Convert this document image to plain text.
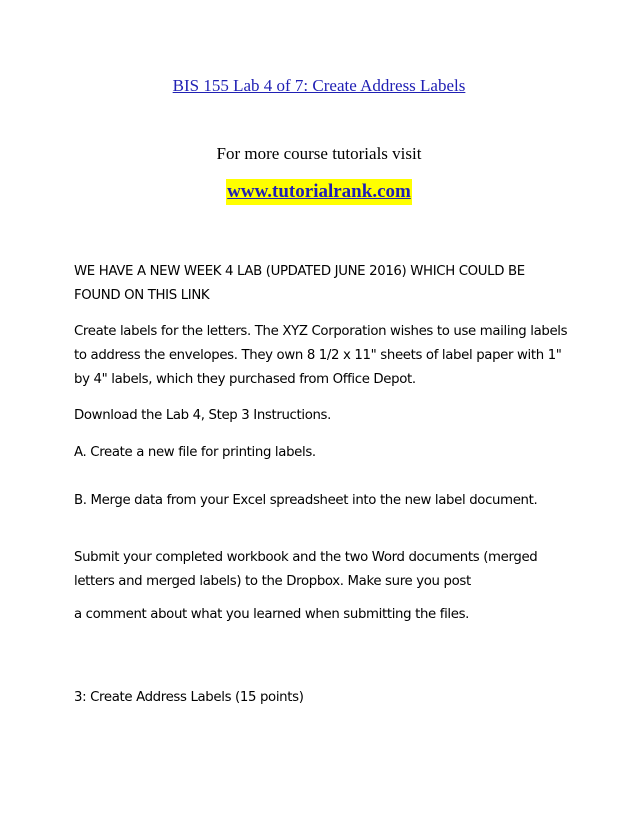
BIS 155 Lab 4 of 7: Create Address Labels
For more course tutorials visit
www.tutorialrank.com
WE HAVE A NEW WEEK 4 LAB (UPDATED JUNE 2016) WHICH COULD BE FOUND ON THIS LINK
Create labels for the letters. The XYZ Corporation wishes to use mailing labels to address the envelopes. They own 8 1/2 x 11" sheets of label paper with 1" by 4" labels, which they purchased from Office Depot.
Download the Lab 4, Step 3 Instructions.
A. Create a new file for printing labels.
B. Merge data from your Excel spreadsheet into the new label document.
Submit your completed workbook and the two Word documents (merged letters and merged labels) to the Dropbox. Make sure you post
a comment about what you learned when submitting the files.
3: Create Address Labels (15 points)
